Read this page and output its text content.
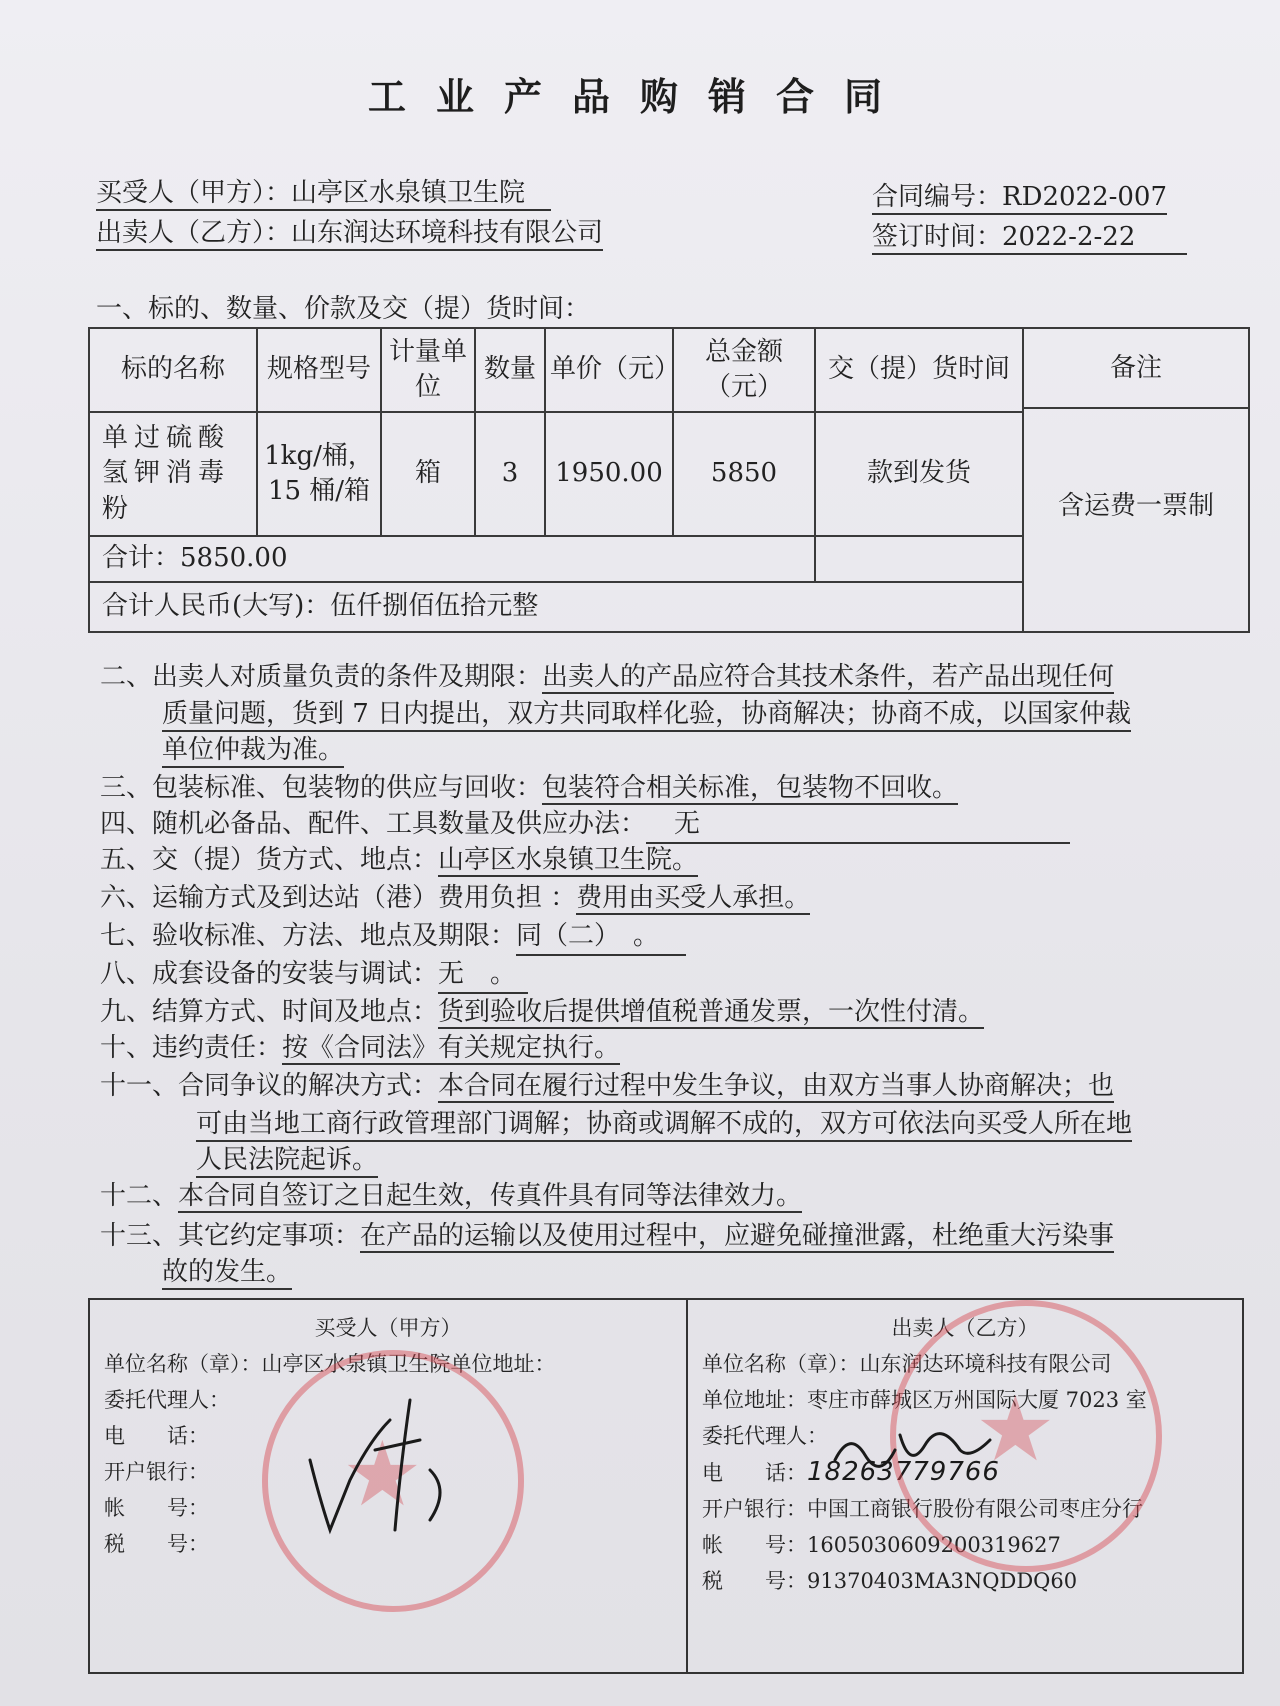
工业产品购销合同
买受人（甲方）：山亭区水泉镇卫生院　
出卖人（乙方）：山东润达环境科技有限公司
合同编号：RD2022-007
签订时间：2022-2-22　　
一、标的、数量、价款及交（提）货时间：
标的名称	规格型号	计量单位	数量	单价（元）	总金额（元）	交（提）货时间	备注
含运费一票制

单过硫酸氢钾消毒粉	1kg/桶，15 桶/箱	箱	3	1950.00	5850	款到发货	
合计：5850.00							
合计人民币(大写)：伍仟捌佰伍拾元整							
二、出卖人对质量负责的条件及期限：出卖人的产品应符合其技术条件，若产品出现任何
质量问题，货到 7 日内提出，双方共同取样化验，协商解决；协商不成，以国家仲裁
单位仲裁为准。
三、包装标准、包装物的供应与回收：包装符合相关标准，包装物不回收。
四、随机必备品、配件、工具数量及供应办法： 无
五、交（提）货方式、地点：山亭区水泉镇卫生院。
六、运输方式及到达站（港）费用负担 ：费用由买受人承担。
七、验收标准、方法、地点及期限：同（二）　。
八、成套设备的安装与调试：无　。
九、结算方式、时间及地点：货到验收后提供增值税普通发票，一次性付清。
十、违约责任：按《合同法》有关规定执行。
十一、合同争议的解决方式：本合同在履行过程中发生争议，由双方当事人协商解决；也
可由当地工商行政管理部门调解；协商或调解不成的，双方可依法向买受人所在地
人民法院起诉。
十二、本合同自签订之日起生效，传真件具有同等法律效力。
十三、其它约定事项：在产品的运输以及使用过程中，应避免碰撞泄露，杜绝重大污染事
故的发生。
买受人（甲方）
单位名称（章）：山亭区水泉镇卫生院单位地址：
委托代理人：
电　　话：
开户银行：
帐　　号：
税　　号：
出卖人（乙方）
单位名称（章）：山东润达环境科技有限公司
单位地址：枣庄市薛城区万州国际大厦 7023 室
委托代理人：
电　　话：18263779766
开户银行：中国工商银行股份有限公司枣庄分行
帐　　号：1605030609200319627
税　　号：91370403MA3NQDDQ60
★	★
